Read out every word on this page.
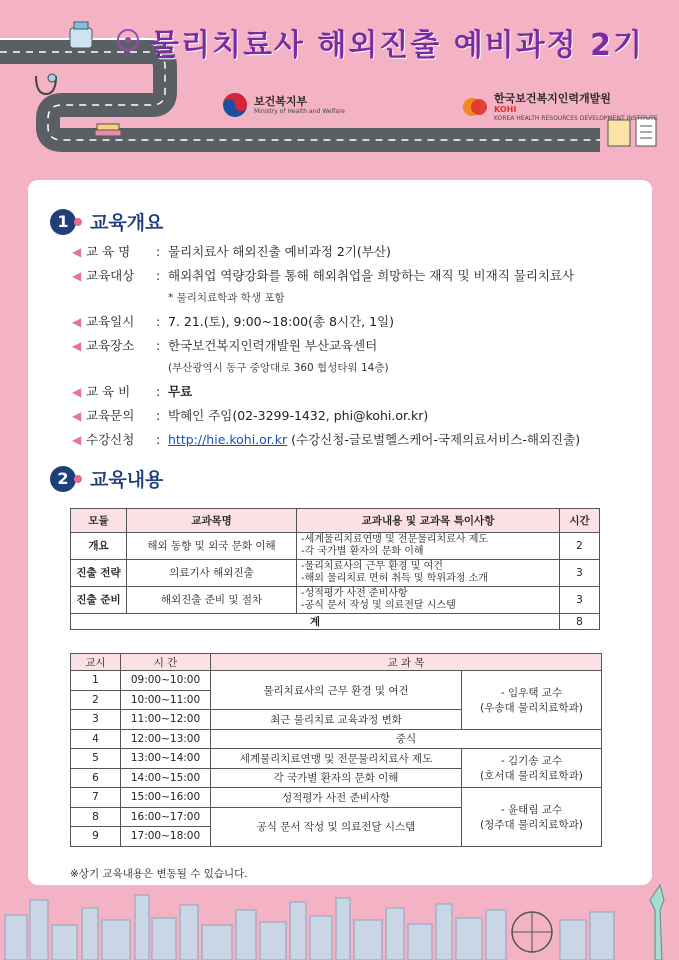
물리치료사 해외진출 예비과정 2기
보건복지부
Ministry of Health and Welfare
한국보건복지인력개발원
KOHI
KOREA HEALTH RESOURCES DEVELOPMENT INSTITUTE
1	교육개요
◀ 교 육 명	: 물리치료사 해외진출 예비과정 2기(부산)
◀ 교육대상	: 해외취업 역량강화를 통해 해외취업을 희망하는 재직 및 비재직 물리치료사
* 물리치료학과 학생 포함
◀ 교육일시	: 7. 21.(토), 9:00~18:00(총 8시간, 1일)
◀ 교육장소	: 한국보건복지인력개발원 부산교육센터
(부산광역시 동구 중앙대로 360 협성타워 14층)
◀ 교 육 비	: 무료
◀ 교육문의	: 박혜인 주임(02-3299-1432, phi@kohi.or.kr)
◀ 수강신청	: http://hie.kohi.or.kr (수강신청-글로벌헬스케어-국제의료서비스-해외진출)
2	교육내용
모듈	교과목명	교과내용 및 교과목 특이사항	시간
개요	해외 동향 및 외국 문화 이해	-세계물리치료연맹 및 전문물리치료사 제도
-각 국가별 환자의 문화 이해	2
진출 전략	의료기사 해외진출	-물리치료사의 근무 환경 및 여건
-해외 물리치료 면허 취득 및 학위과정 소개	3
진출 준비	해외진출 준비 및 절차	-성적평가 사전 준비사항
-공식 문서 작성 및 의료전달 시스템	3
계			8
교시	시 간	교 과 목	
1	09:00~10:00	물리치료사의 근무 환경 및 여건	- 임우택 교수
(우송대 물리치료학과)

2	10:00~11:00		
3	11:00~12:00	최근 물리치료 교육과정 변화	
4	12:00~13:00	중식	
5	13:00~14:00	세계물리치료연맹 및 전문물리치료사 제도	- 김기송 교수
(호서대 물리치료학과)

6	14:00~15:00	각 국가별 환자의 문화 이해	
7	15:00~16:00	성적평가 사전 준비사항	- 윤태림 교수
(청주대 물리치료학과)

8	16:00~17:00	공식 문서 작성 및 의료전달 시스템	
9	17:00~18:00		
※상기 교육내용은 변동될 수 있습니다.
